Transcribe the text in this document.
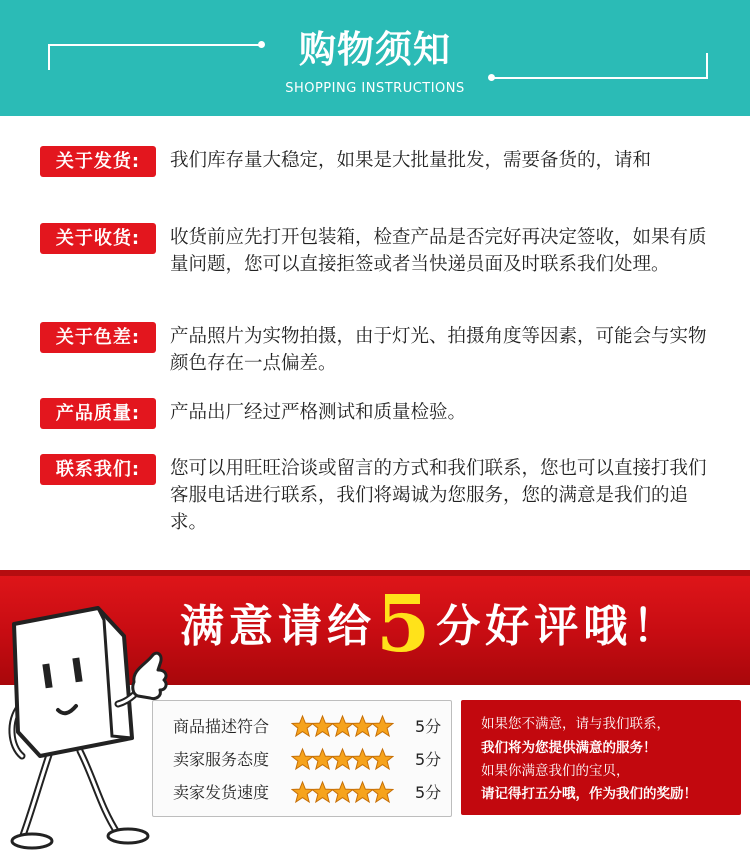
购物须知
SHOPPING INSTRUCTIONS
关于发货:	我们库存量大稳定，如果是大批量批发，需要备货的，请和
关于收货:	收货前应先打开包装箱，检查产品是否完好再决定签收，如果有质量问题，您可以直接拒签或者当快递员面及时联系我们处理。
关于色差:	产品照片为实物拍摄，由于灯光、拍摄角度等因素，可能会与实物颜色存在一点偏差。
产品质量:	产品出厂经过严格测试和质量检验。
联系我们:	您可以用旺旺洽谈或留言的方式和我们联系，您也可以直接打我们客服电话进行联系，我们将竭诚为您服务，您的满意是我们的追求。
满意请给5分好评哦！
商品描述符合	5分
卖家服务态度	5分
卖家发货速度	5分
如果您不满意，请与我们联系，
我们将为您提供满意的服务！
如果你满意我们的宝贝，
请记得打五分哦，作为我们的奖励！
